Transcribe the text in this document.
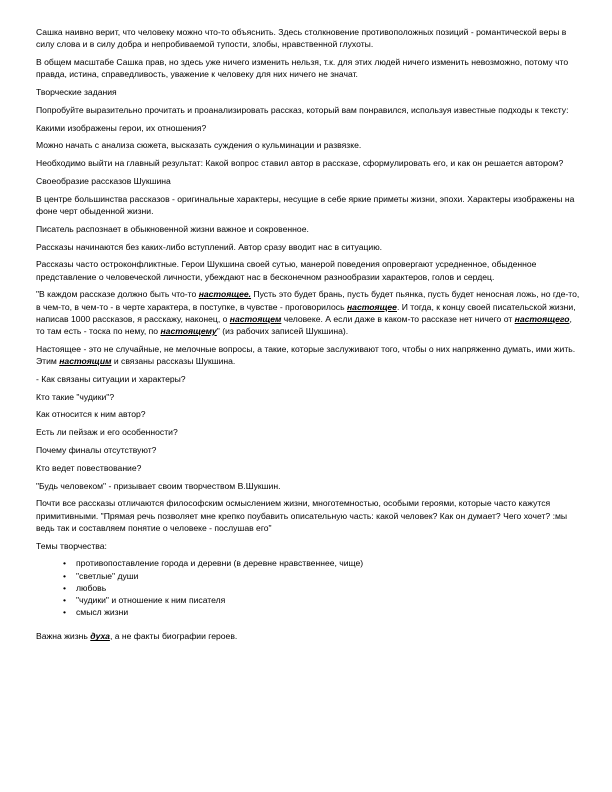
Сашка наивно верит, что человеку можно что-то объяснить. Здесь столкновение противоположных позиций - романтической веры в силу слова и в силу добра и непробиваемой тупости, злобы, нравственной глухоты.

В общем масштабе Сашка прав, но здесь уже ничего изменить нельзя, т.к. для этих людей ничего изменить невозможно, потому что правда, истина, справедливость, уважение к человеку для них ничего не значат.

Творческие задания

Попробуйте выразительно прочитать и проанализировать рассказ, который вам понравился, используя известные подходы к тексту:

Какими изображены герои, их отношения?

Можно начать с анализа сюжета, высказать суждения о кульминации и развязке.

Необходимо выйти на главный результат: Какой вопрос ставил автор в рассказе, сформулировать его, и как он решается автором?

Своеобразие рассказов Шукшина

В центре большинства рассказов - оригинальные характеры, несущие в себе яркие приметы жизни, эпохи. Характеры изображены на фоне черт обыденной жизни.

Писатель распознает в обыкновенной жизни важное и сокровенное.

Рассказы начинаются без каких-либо вступлений. Автор сразу вводит нас в ситуацию.

Рассказы часто остроконфликтные. Герои Шукшина своей сутью, манерой поведения опровергают усредненное, обыденное представление о человеческой личности, убеждают нас в бесконечном разнообразии характеров, голов и сердец.

"В каждом рассказе должно быть что-то настоящее. Пусть это будет брань, пусть будет пьянка, пусть будет неносная ложь, но где-то, в чем-то, в чем-то - в черте характера, в поступке, в чувстве - проговорилось настоящее. И тогда, к концу своей писательской жизни, написав 1000 рассказов, я расскажу, наконец, о настоящем человеке. А если даже в каком-то рассказе нет ничего от настоящего, то там есть - тоска по нему, по настоящему" (из рабочих записей Шукшина).

Настоящее - это не случайные, не мелочные вопросы, а такие, которые заслуживают того, чтобы о них напряженно думать, ими жить. Этим настоящим и связаны рассказы Шукшина.

- Как связаны ситуации и характеры?

Кто такие "чудики"?

Как относится к ним автор?

Есть ли пейзаж и его особенности?

Почему финалы отсутствуют?

Кто ведет повествование?

"Будь человеком" - призывает своим творчеством В.Шукшин.

Почти все рассказы отличаются философским осмыслением жизни, многотемностью, особыми героями, которые часто кажутся примитивными. "Прямая речь позволяет мне крепко поубавить описательную часть: какой человек? Как он думает? Чего хочет? :мы ведь так и составляем понятие о человеке - послушав его"

Темы творчества:

• противопоставление города и деревни (в деревне нравственнее, чище)
• "светлые" души
• любовь
• "чудики" и отношение к ним писателя
• смысл жизни

Важна жизнь духа, а не факты биографии героев.
